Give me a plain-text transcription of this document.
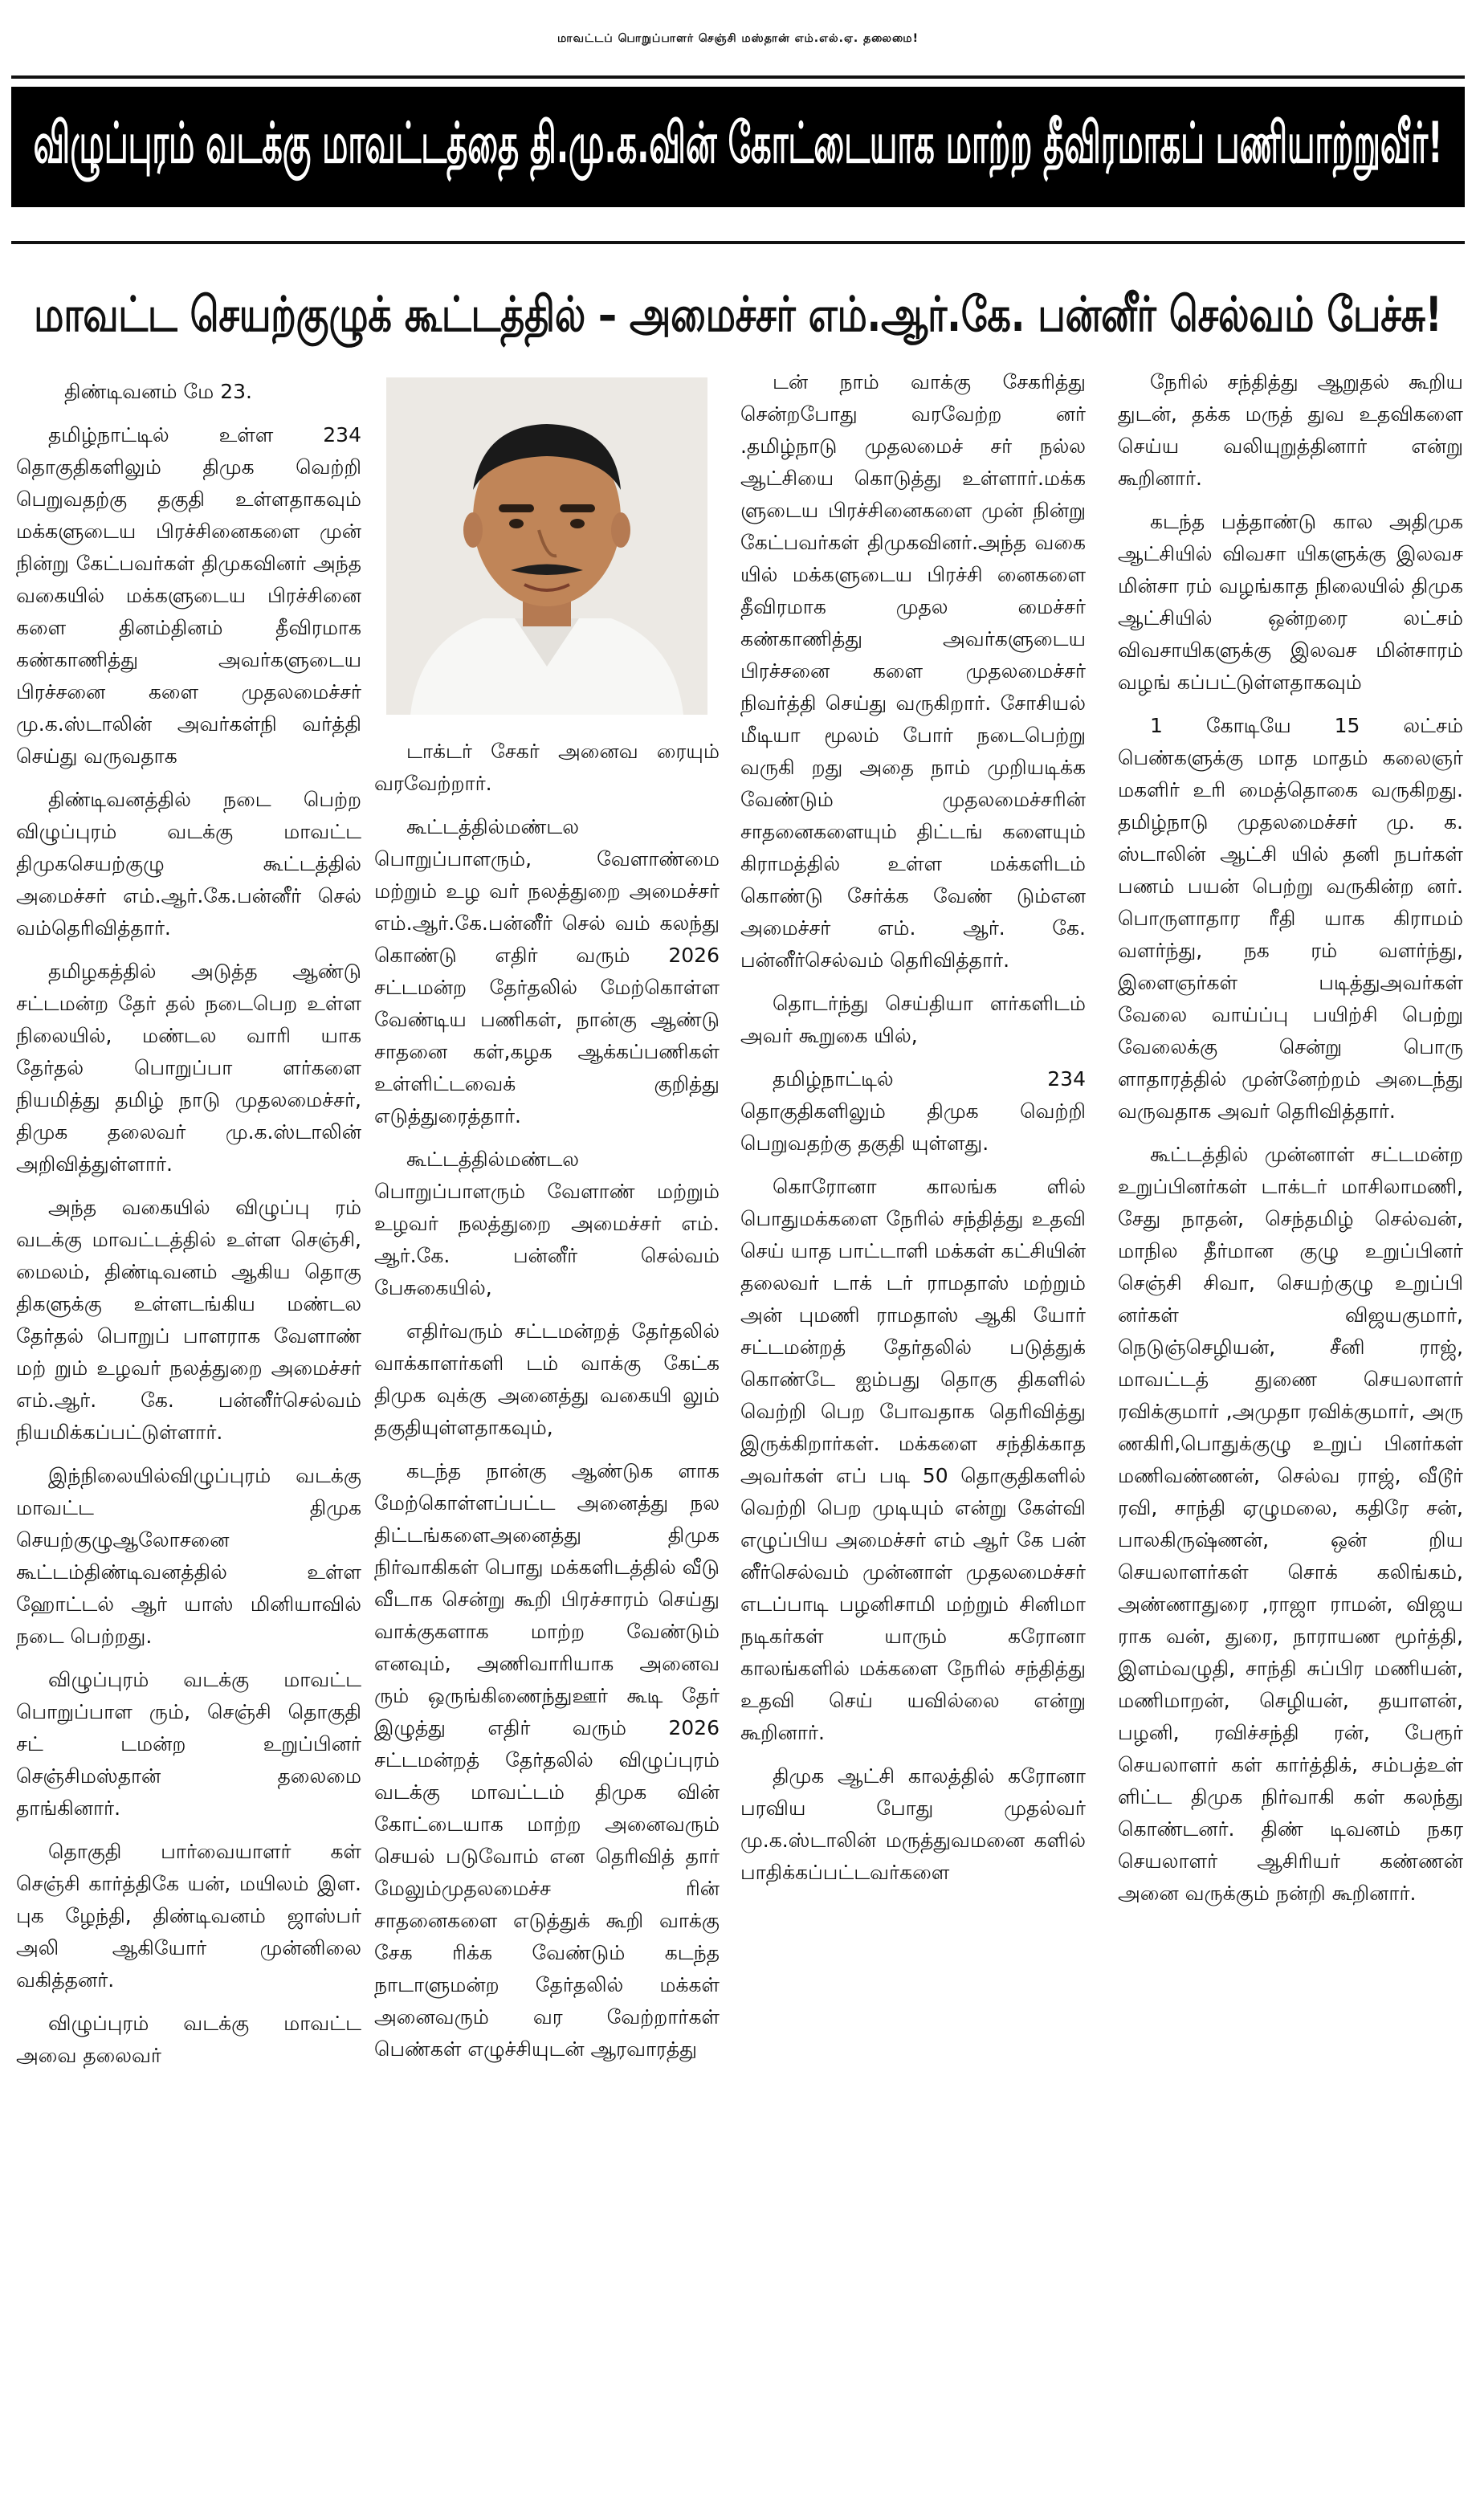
மாவட்டப் பொறுப்பாளர் செஞ்சி மஸ்தான் எம்.எல்.ஏ. தலைமை!
விழுப்புரம் வடக்கு மாவட்டத்தை தி.மு.க.வின் கோட்டையாக மாற்ற தீவிரமாகப் பணியாற்றுவீர்!
மாவட்ட செயற்குழுக் கூட்டத்தில் – அமைச்சர் எம்.ஆர்.கே. பன்னீர் செல்வம் பேச்சு!

திண்டிவனம் மே 23.

தமிழ்நாட்டில் உள்ள 234 தொகுதிகளிலும் திமுக வெற்றி பெறுவதற்கு தகுதி உள்ளதாகவும் மக்களுடைய பிரச்சினைகளை முன் நின்று கேட்பவர்கள் திமுகவினர் அந்த வகையில் மக்களுடைய பிரச்சினை களை தினம்தினம் தீவிரமாக கண்காணித்து அவர்களுடைய பிரச்சனை களை முதலமைச்சர் மு.க.ஸ்டாலின் அவர்கள்நி வர்த்தி செய்து வருவதாக

திண்டிவனத்தில் நடை பெற்ற விழுப்புரம் வடக்கு மாவட்ட திமுகசெயற்குழு கூட்டத்தில் அமைச்சர் எம்.ஆர்.கே.பன்னீர் செல் வம்தெரிவித்தார்.

தமிழகத்தில் அடுத்த ஆண்டு சட்டமன்ற தேர் தல் நடைபெற உள்ள நிலையில், மண்டல வாரி யாக தேர்தல் பொறுப்பா ளர்களை நியமித்து தமிழ் நாடு முதலமைச்சர், திமுக தலைவர் மு.க.ஸ்டாலின் அறிவித்துள்ளார்.

அந்த வகையில் விழுப்பு ரம் வடக்கு மாவட்டத்தில் உள்ள செஞ்சி, மைலம், திண்டிவனம் ஆகிய தொகு திகளுக்கு உள்ளடங்கிய மண்டல தேர்தல் பொறுப் பாளராக வேளாண் மற் றும் உழவர் நலத்துறை அமைச்சர் எம்.ஆர். கே. பன்னீர்செல்வம் நியமிக்கப்பட்டுள்ளார்.

இந்நிலையில்விழுப்புரம் வடக்கு மாவட்ட திமுக செயற்குழுஆலோசனை கூட்டம்திண்டிவனத்தில் உள்ள ஹோட்டல் ஆர் யாஸ் மினியாவில் நடை பெற்றது.

விழுப்புரம் வடக்கு மாவட்ட பொறுப்பாள ரும், செஞ்சி தொகுதி சட் டமன்ற உறுப்பினர் செஞ்சிமஸ்தான் தலைமை தாங்கினார்.

தொகுதி பார்வையாளர் கள் செஞ்சி கார்த்திகே யன், மயிலம் இள. புக ழேந்தி, திண்டிவனம் ஜாஸ்பர் அலி ஆகியோர் முன்னிலை வகித்தனர்.

விழுப்புரம் வடக்கு மாவட்ட அவை தலைவர்

டாக்டர் சேகர் அனைவ ரையும் வரவேற்றார்.

கூட்டத்தில்மண்டல பொறுப்பாளரும், வேளாண்மை மற்றும் உழ வர் நலத்துறை அமைச்சர் எம்.ஆர்.கே.பன்னீர் செல் வம் கலந்து கொண்டு எதிர் வரும் 2026 சட்டமன்ற தேர்தலில் மேற்கொள்ள வேண்டிய பணிகள், நான்கு ஆண்டு சாதனை கள்,கழக ஆக்கப்பணிகள் உள்ளிட்டவைக் குறித்து எடுத்துரைத்தார்.

கூட்டத்தில்மண்டல பொறுப்பாளரும் வேளாண் மற்றும் உழவர் நலத்துறை அமைச்சர் எம். ஆர்.கே. பன்னீர் செல்வம் பேசுகையில்,

எதிர்வரும் சட்டமன்றத் தேர்தலில் வாக்காளர்களி டம் வாக்கு கேட்க திமுக வுக்கு அனைத்து வகையி லும் தகுதியுள்ளதாகவும்,

கடந்த நான்கு ஆண்டுக ளாக மேற்கொள்ளப்பட்ட அனைத்து நல திட்டங்களைஅனைத்து திமுக நிர்வாகிகள் பொது மக்களிடத்தில் வீடு வீடாக சென்று கூறி பிரச்சாரம் செய்து வாக்குகளாக மாற்ற வேண்டும் எனவும், அணிவாரியாக அனைவ ரும் ஒருங்கிணைந்துஊர் கூடி தேர் இழுத்து எதிர் வரும் 2026 சட்டமன்றத் தேர்தலில் விழுப்புரம் வடக்கு மாவட்டம் திமுக வின் கோட்டையாக மாற்ற அனைவரும் செயல் படுவோம் என தெரிவித் தார் மேலும்முதலமைச்ச ரின் சாதனைகளை எடுத்துக் கூறி வாக்கு சேக ரிக்க வேண்டும் கடந்த நாடாளுமன்ற தேர்தலில் மக்கள் அனைவரும் வர வேற்றார்கள் பெண்கள் எழுச்சியுடன் ஆரவாரத்து

டன் நாம் வாக்கு சேகரித்து சென்றபோது வரவேற்ற னர் .தமிழ்நாடு முதலமைச் சர் நல்ல ஆட்சியை கொடுத்து உள்ளார்.மக்க ளுடைய பிரச்சினைகளை முன் நின்று கேட்பவர்கள் திமுகவினர்.அந்த வகை யில் மக்களுடைய பிரச்சி னைகளை தீவிரமாக முதல மைச்சர் கண்காணித்து அவர்களுடைய பிரச்சனை களை முதலமைச்சர் நிவர்த்தி செய்து வருகிறார். சோசியல் மீடியா மூலம் போர் நடைபெற்று வருகி றது அதை நாம் முறியடிக்க வேண்டும் முதலமைச்சரின் சாதனைகளையும் திட்டங் களையும் கிராமத்தில் உள்ள மக்களிடம் கொண்டு சேர்க்க வேண் டும்என அமைச்சர் எம். ஆர். கே. பன்னீர்செல்வம் தெரிவித்தார்.

தொடர்ந்து செய்தியா ளர்களிடம் அவர் கூறுகை யில்,

தமிழ்நாட்டில் 234 தொகுதிகளிலும் திமுக வெற்றி பெறுவதற்கு தகுதி யுள்ளது.

கொரோனா காலங்க ளில் பொதுமக்களை நேரில் சந்தித்து உதவி செய் யாத பாட்டாளி மக்கள் கட்சியின் தலைவர் டாக் டர் ராமதாஸ் மற்றும் அன் புமணி ராமதாஸ் ஆகி யோர் சட்டமன்றத் தேர்தலில் படுத்துக் கொண்டே ஐம்பது தொகு திகளில் வெற்றி பெற போவதாக தெரிவித்து இருக்கிறார்கள். மக்களை சந்திக்காத அவர்கள் எப் படி 50 தொகுதிகளில் வெற்றி பெற முடியும் என்று கேள்வி எழுப்பிய அமைச்சர் எம் ஆர் கே பன் னீர்செல்வம் முன்னாள் முதலமைச்சர் எடப்பாடி பழனிசாமி மற்றும் சினிமா நடிகர்கள் யாரும் கரோனா காலங்களில் மக்களை நேரில் சந்தித்து உதவி செய் யவில்லை என்று கூறினார்.

திமுக ஆட்சி காலத்தில் கரோனா பரவிய போது முதல்வர் மு.க.ஸ்டாலின் மருத்துவமனை களில் பாதிக்கப்பட்டவர்களை

நேரில் சந்தித்து ஆறுதல் கூறிய துடன், தக்க மருத் துவ உதவிகளை செய்ய வலியுறுத்தினார் என்று கூறினார்.

கடந்த பத்தாண்டு கால அதிமுக ஆட்சியில் விவசா யிகளுக்கு இலவச மின்சா ரம் வழங்காத நிலையில் திமுக ஆட்சியில் ஒன்றரை லட்சம் விவசாயிகளுக்கு இலவச மின்சாரம் வழங் கப்பட்டுள்ளதாகவும்

1 கோடியே 15 லட்சம் பெண்களுக்கு மாத மாதம் கலைஞர் மகளிர் உரி மைத்தொகை வருகிறது. தமிழ்நாடு முதலமைச்சர் மு. க. ஸ்டாலின் ஆட்சி யில் தனி நபர்கள் பணம் பயன் பெற்று வருகின்ற னர். பொருளாதார ரீதி யாக கிராமம் வளர்ந்து, நக ரம் வளர்ந்து, இளைஞர்கள் படித்துஅவர்கள் வேலை வாய்ப்பு பயிற்சி பெற்று வேலைக்கு சென்று பொரு ளாதாரத்தில் முன்னேற்றம் அடைந்து வருவதாக அவர் தெரிவித்தார்.

கூட்டத்தில் முன்னாள் சட்டமன்ற உறுப்பினர்கள் டாக்டர் மாசிலாமணி, சேது நாதன், செந்தமிழ் செல்வன், மாநில தீர்மான குழு உறுப்பினர் செஞ்சி சிவா, செயற்குழு உறுப்பி னர்கள் விஜயகுமார், நெடுஞ்செழியன், சீனி ராஜ், மாவட்டத் துணை செயலாளர் ரவிக்குமார் ,அமுதா ரவிக்குமார், அரு ணகிரி,பொதுக்குழு உறுப் பினர்கள் மணிவண்ணன், செல்வ ராஜ், வீடூர் ரவி, சாந்தி ஏழுமலை, கதிரே சன், பாலகிருஷ்ணன், ஒன் றிய செயலாளர்கள் சொக் கலிங்கம், அண்ணாதுரை ,ராஜா ராமன், விஜய ராக வன், துரை, நாராயண மூர்த்தி, இளம்வழுதி, சாந்தி சுப்பிர மணியன், மணிமாறன், செழியன், தயாளன், பழனி, ரவிச்சந்தி ரன், பேரூர் செயலாளர் கள் கார்த்திக், சம்பத்உள் ளிட்ட திமுக நிர்வாகி கள் கலந்து கொண்டனர். திண் டிவனம் நகர செயலாளர் ஆசிரியர் கண்ணன் அனை வருக்கும் நன்றி கூறினார்.
